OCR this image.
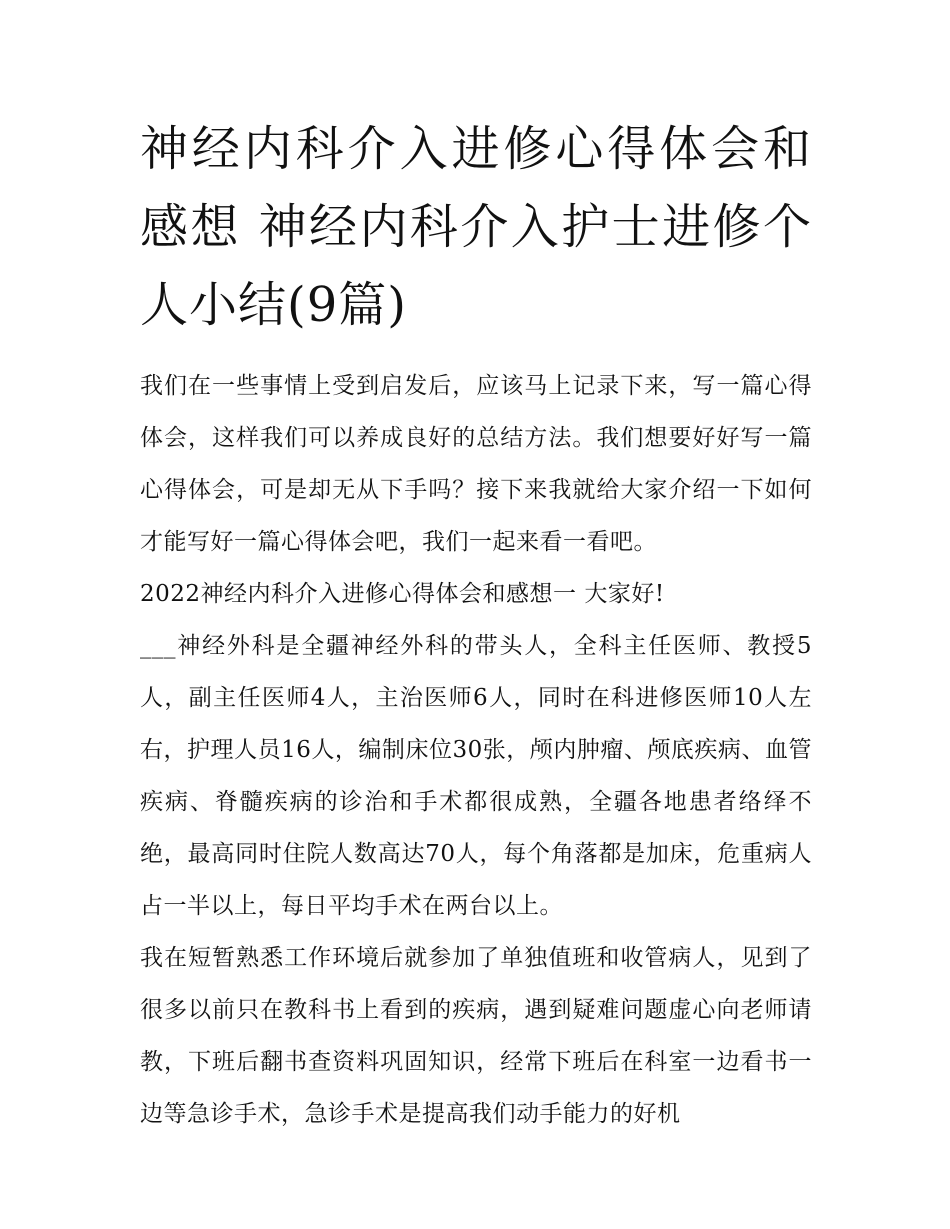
神经内科介入进修心得体会和感想 神经内科介入护士进修个人小结(9篇)

我们在一些事情上受到启发后，应该马上记录下来，写一篇心得体会，这样我们可以养成良好的总结方法。我们想要好好写一篇心得体会，可是却无从下手吗？接下来我就给大家介绍一下如何才能写好一篇心得体会吧，我们一起来看一看吧。

2022神经内科介入进修心得体会和感想一 大家好!

___神经外科是全疆神经外科的带头人，全科主任医师、教授5人，副主任医师4人，主治医师6人，同时在科进修医师10人左右，护理人员16人，编制床位30张，颅内肿瘤、颅底疾病、血管疾病、脊髓疾病的诊治和手术都很成熟，全疆各地患者络绎不绝，最高同时住院人数高达70人，每个角落都是加床，危重病人占一半以上，每日平均手术在两台以上。

我在短暂熟悉工作环境后就参加了单独值班和收管病人，见到了很多以前只在教科书上看到的疾病，遇到疑难问题虚心向老师请教，下班后翻书查资料巩固知识，经常下班后在科室一边看书一边等急诊手术，急诊手术是提高我们动手能力的好机
